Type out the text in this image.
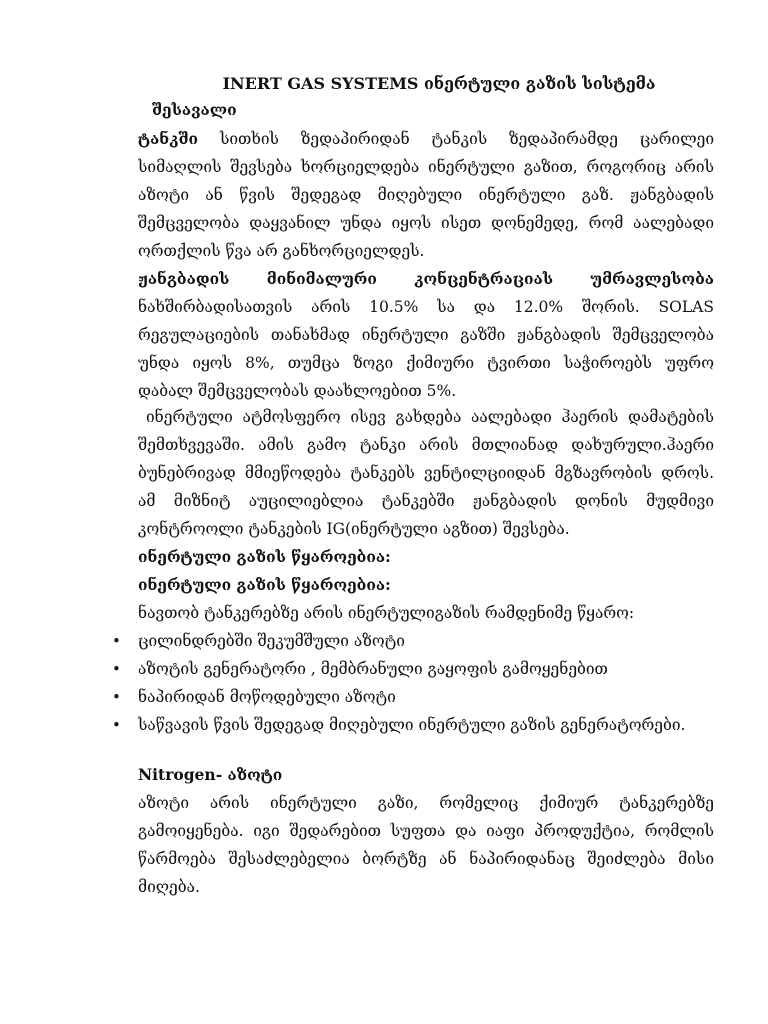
INERT GAS SYSTEMS ინერტული გაზის სისტემა
შესავალი
ტანკში სითხის ზედაპირიდან ტანკის ზედაპირამდე ცარილეი
სიმაღლის შევსება ხორციელდება ინერტული გაზით, როგორიც არის
აზოტი ან წვის შედეგად მიღებული ინერტული გაზ. ჟანგბადის
შემცველობა დაყვანილ უნდა იყოს ისეთ დონემედე, რომ აალებადი
ორთქლის წვა არ განხორციელდეს.
ჟანგბადის მინიმალური კონცენტრაციას უმრავლესობა
ნახშირბადისათვის არის 10.5% სა და 12.0% შორის. SOLAS
რეგულაციების თანახმად ინერტული გაზში ჟანგბადის შემცველობა
უნდა იყოს 8%, თუმცა ზოგი ქიმიური ტვირთი საჭიროებს უფრო
დაბალ შემცველობას დაახლოებით 5%.
ინერტული ატმოსფერო ისევ გახდება აალებადი ჰაერის დამატების
შემთხვევაში. ამის გამო ტანკი არის მთლიანად დახურული.ჰაერი
ბუნებრივად მმიეწოდება ტანკებს ვენტილციიდან მგზავრობის დროს.
ამ მიზნიტ აუცილიებლია ტანკებში ჟანგბადის დონის მუდმივი
კონტროოლი ტანკების IG(ინერტული აგზით) შევსება.
ინერტული გაზის წყაროებია:
ინერტული გაზის წყაროებია:
ნავთობ ტანკერებზე არის ინერტულიგაზის რამდენიმე წყარო:
• ცილინდრებში შეკუმშული აზოტი
• აზოტის გენერატორი , მემბრანული გაყოფის გამოყენებით
• ნაპირიდან მოწოდებული აზოტი
• საწვავის წვის შედეგად მიღებული ინერტული გაზის გენერატორები.
Nitrogen- აზოტი
აზოტი არის ინერტული გაზი, რომელიც ქიმიურ ტანკერებზე
გამოიყენება. იგი შედარებით სუფთა და იაფი პროდუქტია, რომლის
წარმოება შესაძლებელია ბორტზე ან ნაპირიდანაც შეიძლება მისი
მიღება.
